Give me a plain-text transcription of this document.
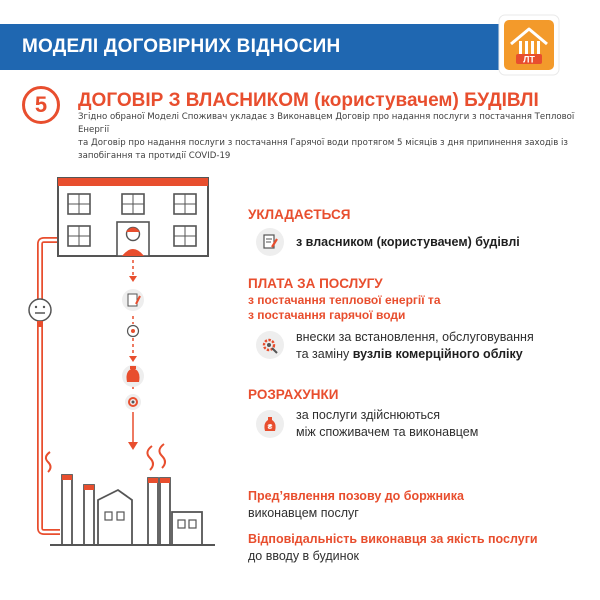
МОДЕЛІ ДОГОВІРНИХ ВІДНОСИН
ЛТ
5 ДОГОВІР З ВЛАСНИКОМ (користувачем) БУДІВЛІ
Згідно обраної Моделі Споживач укладає з Виконавцем Договір про надання послуги з постачання Теплової Енергії
та Договір про надання послуги з постачання Гарячої води протягом 5 місяців з дня припинення заходів із
запобігання та протидії COVID-19
УКЛАДАЄТЬСЯ
з власником (користувачем) будівлі
ПЛАТА ЗА ПОСЛУГУ
з постачання теплової енергії та
з постачання гарячої води
внески за встановлення, обслуговування
та заміну вузлів комерційного обліку
РОЗРАХУНКИ
₴
за послуги здійснюються
між споживачем та виконавцем
Пред’явлення позову до боржника
виконавцем послуг
Відповідальність виконавця за якість послуги
до вводу в будинок
